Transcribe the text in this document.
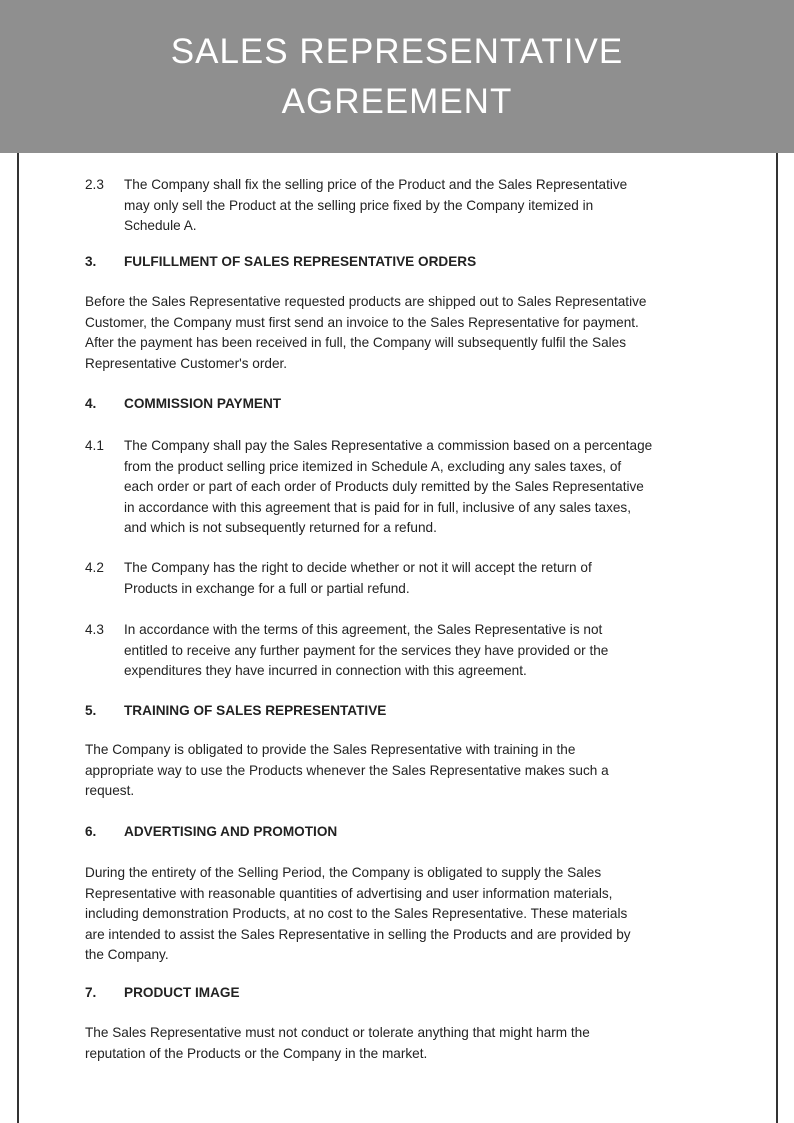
SALES REPRESENTATIVE
AGREEMENT
2.3 The Company shall fix the selling price of the Product and the Sales Representative
may only sell the Product at the selling price fixed by the Company itemized in
Schedule A.
3. FULFILLMENT OF SALES REPRESENTATIVE ORDERS
Before the Sales Representative requested products are shipped out to Sales Representative
Customer, the Company must first send an invoice to the Sales Representative for payment.
After the payment has been received in full, the Company will subsequently fulfil the Sales
Representative Customer's order.
4. COMMISSION PAYMENT
4.1 The Company shall pay the Sales Representative a commission based on a percentage
from the product selling price itemized in Schedule A, excluding any sales taxes, of
each order or part of each order of Products duly remitted by the Sales Representative
in accordance with this agreement that is paid for in full, inclusive of any sales taxes,
and which is not subsequently returned for a refund.
4.2 The Company has the right to decide whether or not it will accept the return of
Products in exchange for a full or partial refund.
4.3 In accordance with the terms of this agreement, the Sales Representative is not
entitled to receive any further payment for the services they have provided or the
expenditures they have incurred in connection with this agreement.
5. TRAINING OF SALES REPRESENTATIVE
The Company is obligated to provide the Sales Representative with training in the
appropriate way to use the Products whenever the Sales Representative makes such a
request.
6. ADVERTISING AND PROMOTION
During the entirety of the Selling Period, the Company is obligated to supply the Sales
Representative with reasonable quantities of advertising and user information materials,
including demonstration Products, at no cost to the Sales Representative. These materials
are intended to assist the Sales Representative in selling the Products and are provided by
the Company.
7. PRODUCT IMAGE
The Sales Representative must not conduct or tolerate anything that might harm the
reputation of the Products or the Company in the market.
